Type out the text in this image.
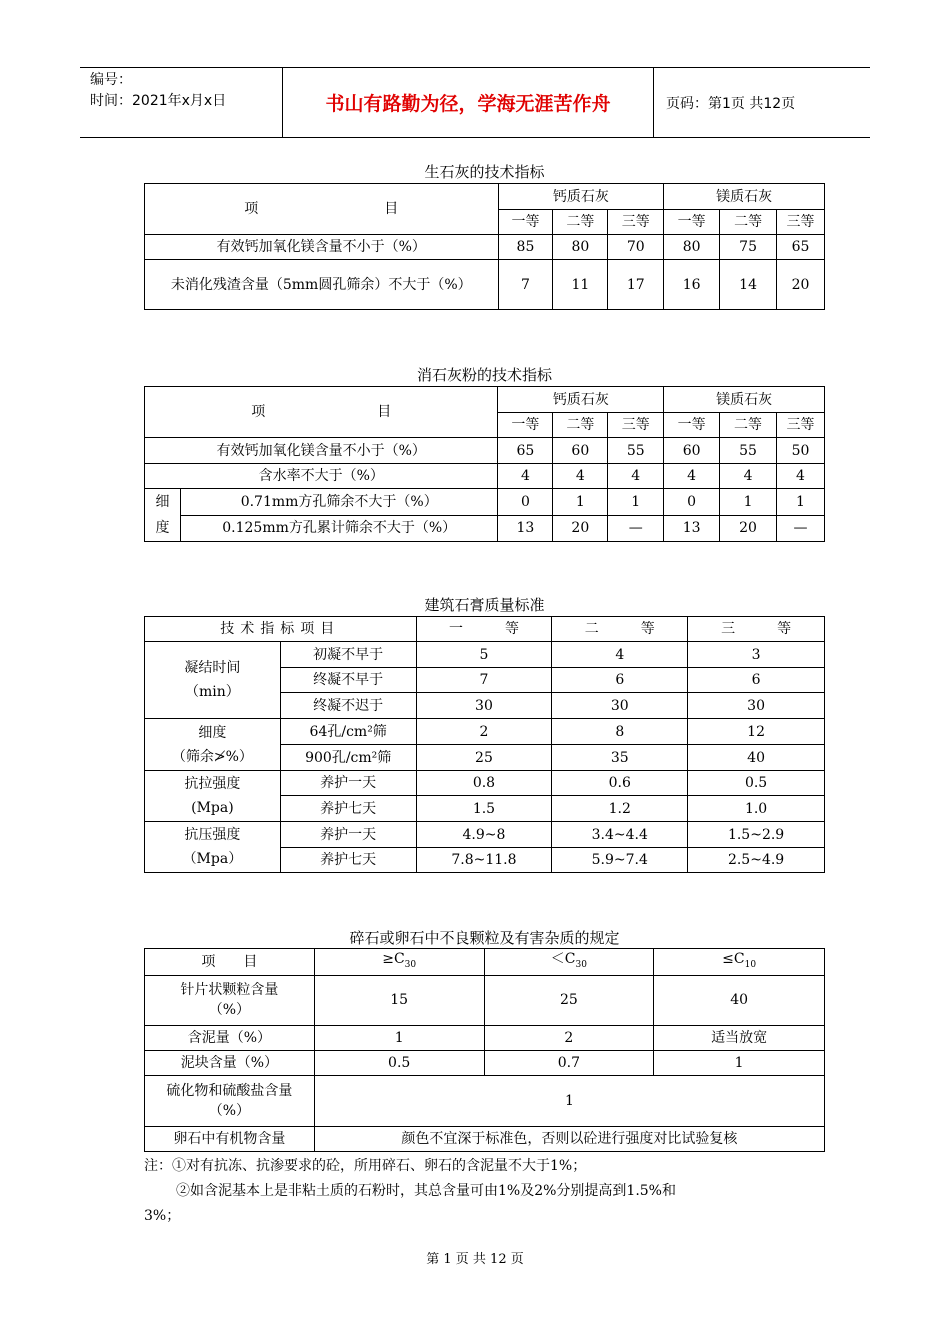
编号：
时间：2021年x月x日	书山有路勤为径，学海无涯苦作舟	页码：第1页 共12页
生石灰的技术指标
项　　　　　　　　　目	钙质石灰			镁质石灰		
	一等	二等	三等	一等	二等	三等
有效钙加氧化镁含量不小于（%）	85	80	70	80	75	65
未消化残渣含量（5mm圆孔筛余）不大于（%）	7	11	17	16	14	20
消石灰粉的技术指标
项　　　　　　　　目		钙质石灰			镁质石灰		
		一等	二等	三等	一等	二等	三等
有效钙加氧化镁含量不小于（%）		65	60	55	60	55	50
含水率不大于（%）		4	4	4	4	4	4

细
度	0.71mm方孔筛余不大于（%）	0	1	1	0	1	1
	0.125mm方孔累计筛余不大于（%）	13	20	—	13	20	—
建筑石膏质量标准
技术指标项目		一　　　等	二　　　等	三　　　等

凝结时间
（min）	初凝不早于	5	4	3
	终凝不早于	7	6	6
	终凝不迟于	30	30	30

细度
（筛余≯%）	64孔/cm²筛	2	8	12
	900孔/cm²筛	25	35	40

抗拉强度
(Mpa)	养护一天	0.8	0.6	0.5
	养护七天	1.5	1.2	1.0

抗压强度
（Mpa）	养护一天	4.9~8	3.4~4.4	1.5~2.9
	养护七天	7.8~11.8	5.9~7.4	2.5~4.9
碎石或卵石中不良颗粒及有害杂质的规定
项　　目	$\ge C_{30}$	$<C_{30}$	$\le C_{10}$
针片状颗粒含量（%）	15	25	40
含泥量（%）	1	2	适当放宽
泥块含量（%）	0.5	0.7	1
硫化物和硫酸盐含量（%）	1		
卵石中有机物含量	颜色不宜深于标准色，否则以砼进行强度对比试验复核		
注：①对有抗冻、抗渗要求的砼，所用碎石、卵石的含泥量不大于1%；
②如含泥基本上是非粘土质的石粉时，其总含量可由1%及2%分别提高到1.5%和
3%；
第 1 页 共 12 页
